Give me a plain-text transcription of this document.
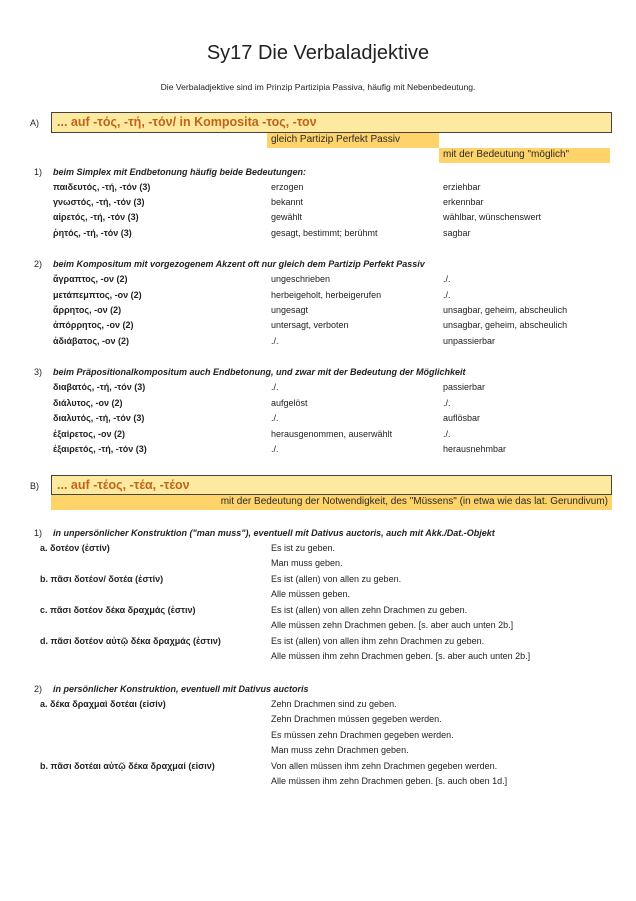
Sy17 Die Verbaladjektive
Die Verbaladjektive sind im Prinzip Partizipia Passiva, häufig mit Nebenbedeutung.
A)	... auf -τός, -τή, -τόν/ in Komposita -τος, -τον
gleich Partizip Perfekt Passiv
mit der Bedeutung "möglich"
1) beim Simplex mit Endbetonung häufig beide Bedeutungen:
παιδευτός, -τή, -τόν (3)	erzogen	erziehbar
γνωστός, -τή, -τόν (3)	bekannt	erkennbar
αἱρετός, -τή, -τόν (3)	gewählt	wählbar, wünschenswert
ῥητός, -τή, -τόν (3)	gesagt, bestimmt; berühmt	sagbar
2) beim Kompositum mit vorgezogenem Akzent oft nur gleich dem Partizip Perfekt Passiv
ἄγραπτος, -ον (2)	ungeschrieben	./.
μετάπεμπτος, -ον (2)	herbeigeholt, herbeigerufen	./.
ἄρρητος, -ον (2)	ungesagt	unsagbar, geheim, abscheulich
ἀπόρρητος, -ον (2)	untersagt, verboten	unsagbar, geheim, abscheulich
ἀδιάβατος, -ον (2)	./.	unpassierbar
3) beim Präpositionalkompositum auch Endbetonung, und zwar mit der Bedeutung der Möglichkeit
διαβατός, -τή, -τόν (3)	./.	passierbar
διάλυτος, -ον (2)	aufgelöst	./.
διαλυτός, -τή, -τόν (3)	./.	auflösbar
ἐξαίρετος, -ον (2)	herausgenommen, auserwählt	./.
ἐξαιρετός, -τή, -τόν (3)	./.	herausnehmbar
B)	... auf -τέος, -τέα, -τέον
mit der Bedeutung der Notwendigkeit, des "Müssens" (in etwa wie das lat. Gerundivum)
1) in unpersönlicher Konstruktion ("man muss"), eventuell mit Dativus auctoris, auch mit Akk./Dat.-Objekt
a. δοτέον (ἐστίν)	Es ist zu geben.
Man muss geben.
b. πᾶσι δοτέον/ δοτέα (ἐστίν)	Es ist (allen) von allen zu geben.
Alle müssen geben.
c. πᾶσι δοτέον δέκα δραχμάς (ἐστιν)	Es ist (allen) von allen zehn Drachmen zu geben.
Alle müssen zehn Drachmen geben. [s. aber auch unten 2b.]
d. πᾶσι δοτέον αὐτῷ δέκα δραχμάς (ἐστιν)	Es ist (allen) von allen ihm zehn Drachmen zu geben.
Alle müssen ihm zehn Drachmen geben. [s. aber auch unten 2b.]
2) in persönlicher Konstruktion, eventuell mit Dativus auctoris
a. δέκα δραχμαὶ δοτέαι (εἰσίν)	Zehn Drachmen sind zu geben.
Zehn Drachmen müssen gegeben werden.
Es müssen zehn Drachmen gegeben werden.
Man muss zehn Drachmen geben.
b. πᾶσι δοτέαι αὐτῷ δέκα δραχμαί (εἰσιν)	Von allen müssen ihm zehn Drachmen gegeben werden.
Alle müssen ihm zehn Drachmen geben. [s. auch oben 1d.]
